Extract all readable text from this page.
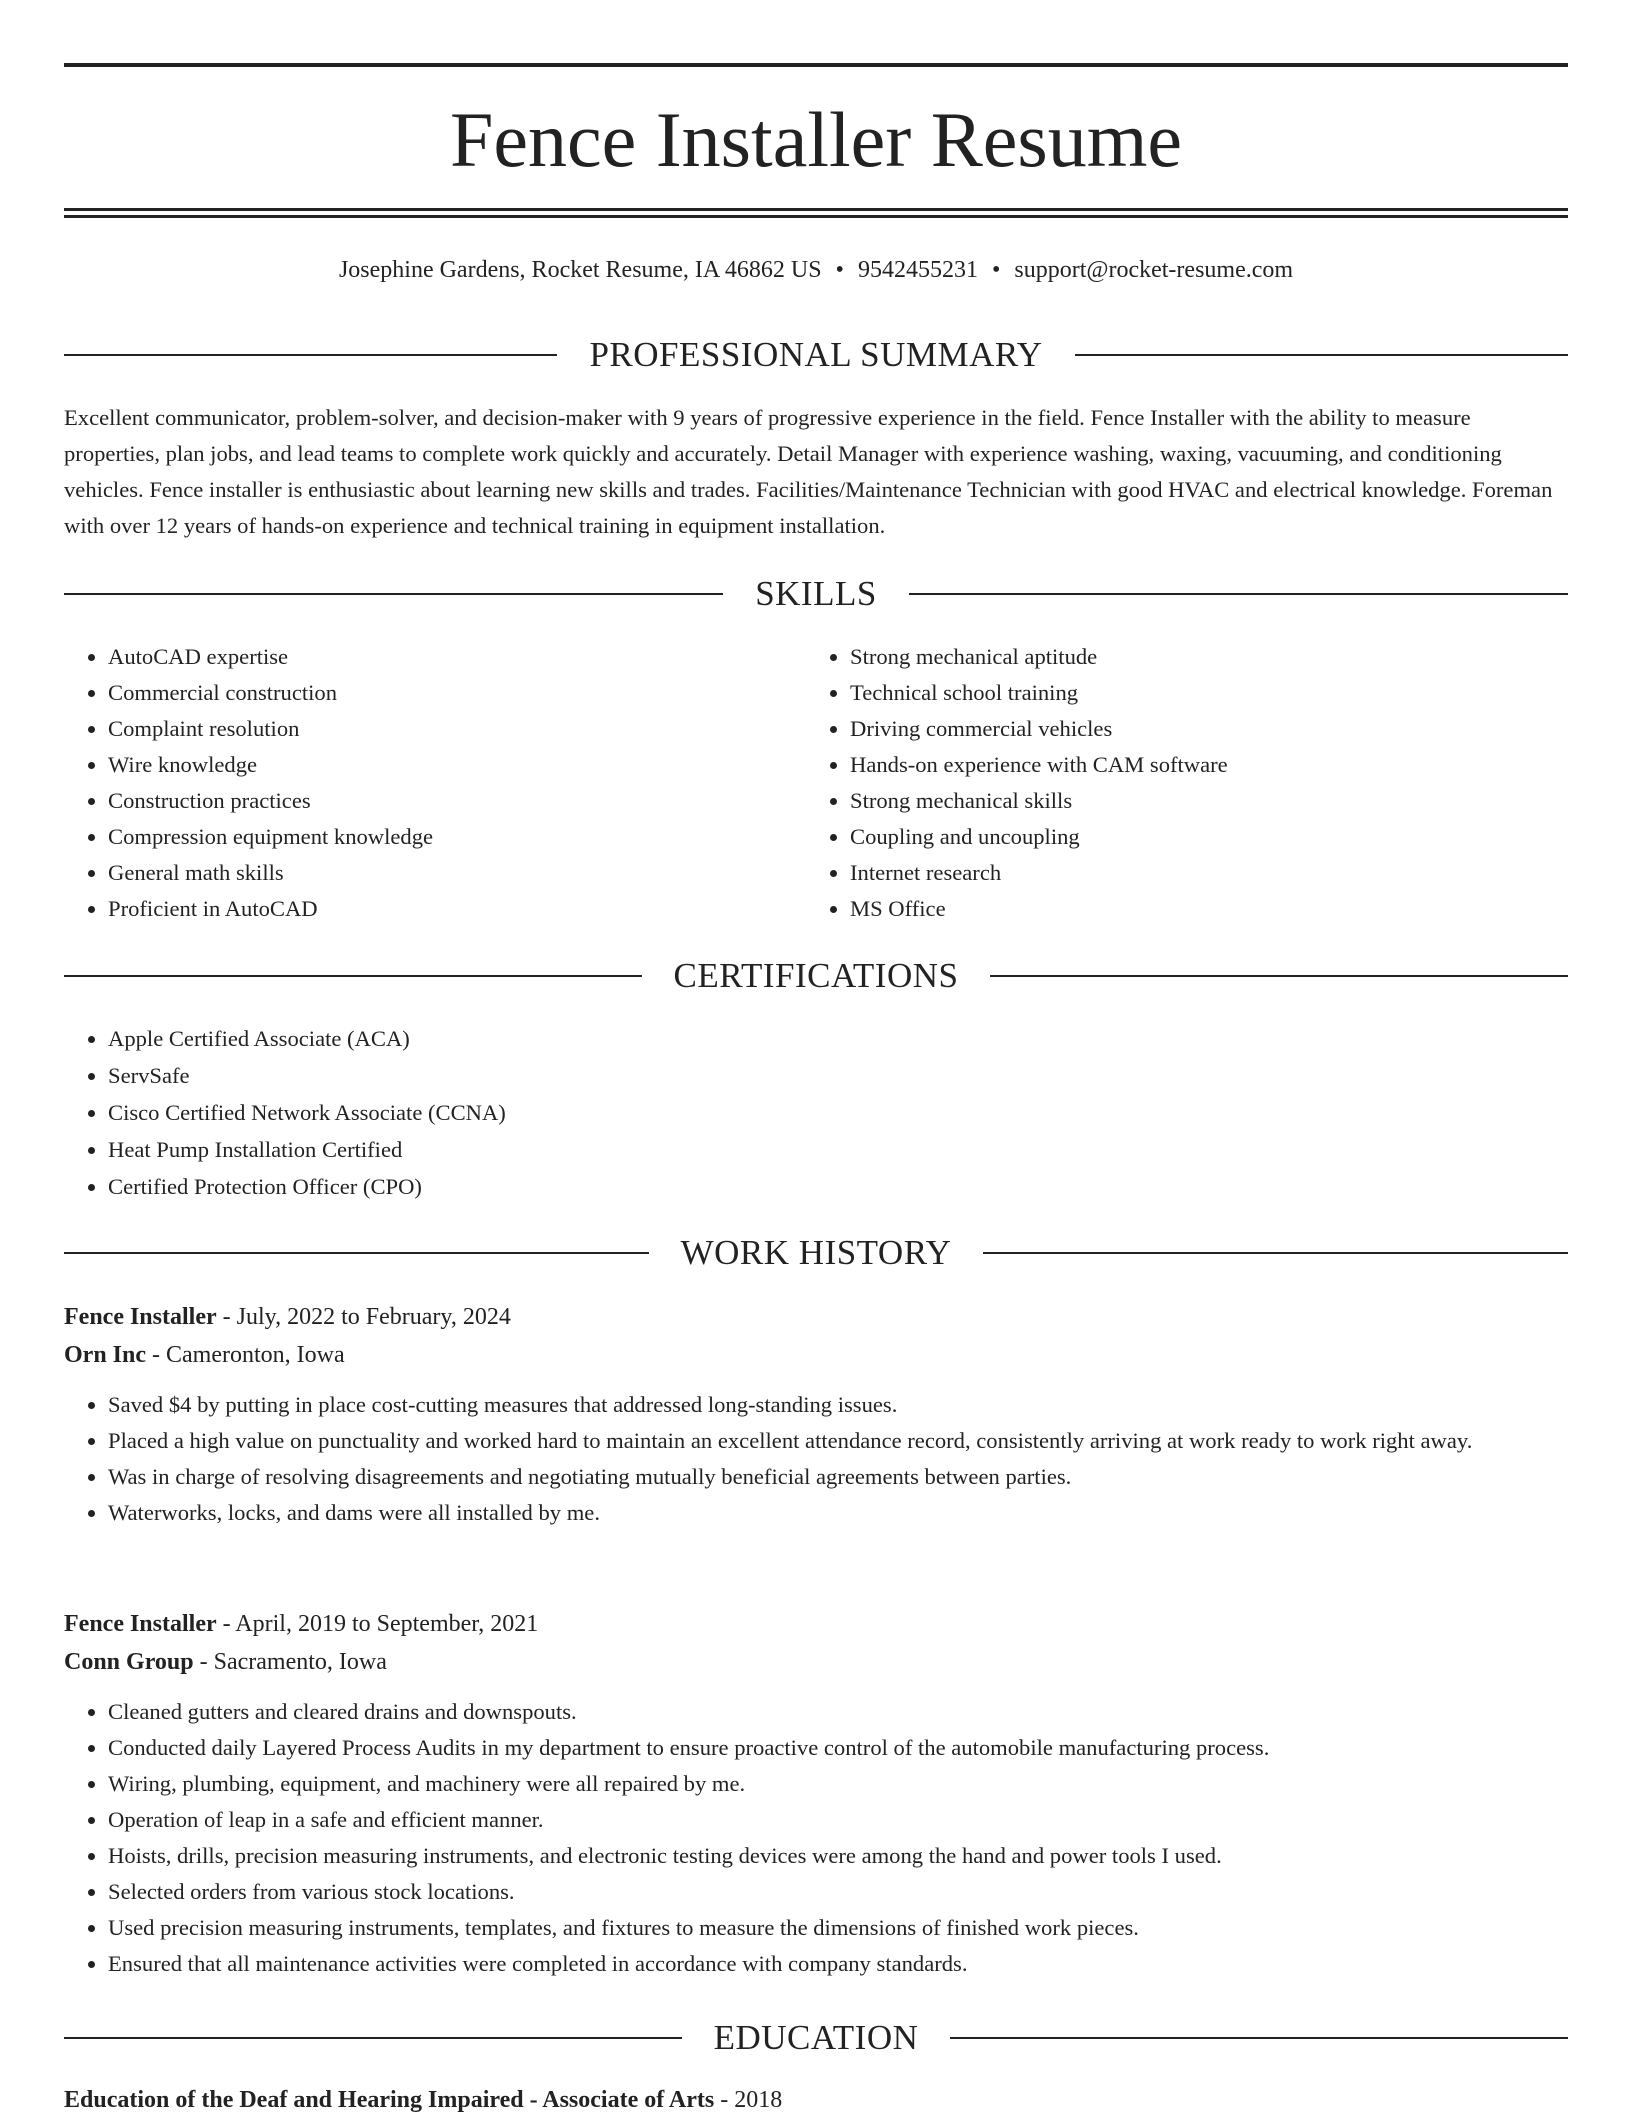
Fence Installer Resume
Josephine Gardens, Rocket Resume, IA 46862 US • 9542455231 • support@rocket-resume.com
PROFESSIONAL SUMMARY

Excellent communicator, problem-solver, and decision-maker with 9 years of progressive experience in the field. Fence Installer with the ability to measure properties, plan jobs, and lead teams to complete work quickly and accurately. Detail Manager with experience washing, waxing, vacuuming, and conditioning vehicles. Fence installer is enthusiastic about learning new skills and trades. Facilities/Maintenance Technician with good HVAC and electrical knowledge. Foreman with over 12 years of hands-on experience and technical training in equipment installation.

SKILLS
• AutoCAD expertise
• Commercial construction
• Complaint resolution
• Wire knowledge
• Construction practices
• Compression equipment knowledge
• General math skills
• Proficient in AutoCAD
• Strong mechanical aptitude
• Technical school training
• Driving commercial vehicles
• Hands-on experience with CAM software
• Strong mechanical skills
• Coupling and uncoupling
• Internet research
• MS Office
CERTIFICATIONS
• Apple Certified Associate (ACA)
• ServSafe
• Cisco Certified Network Associate (CCNA)
• Heat Pump Installation Certified
• Certified Protection Officer (CPO)
WORK HISTORY
Fence Installer - July, 2022 to February, 2024
Orn Inc - Cameronton, Iowa
• Saved $4 by putting in place cost-cutting measures that addressed long-standing issues.
• Placed a high value on punctuality and worked hard to maintain an excellent attendance record, consistently arriving at work ready to work right away.
• Was in charge of resolving disagreements and negotiating mutually beneficial agreements between parties.
• Waterworks, locks, and dams were all installed by me.
Fence Installer - April, 2019 to September, 2021
Conn Group - Sacramento, Iowa
• Cleaned gutters and cleared drains and downspouts.
• Conducted daily Layered Process Audits in my department to ensure proactive control of the automobile manufacturing process.
• Wiring, plumbing, equipment, and machinery were all repaired by me.
• Operation of leap in a safe and efficient manner.
• Hoists, drills, precision measuring instruments, and electronic testing devices were among the hand and power tools I used.
• Selected orders from various stock locations.
• Used precision measuring instruments, templates, and fixtures to measure the dimensions of finished work pieces.
• Ensured that all maintenance activities were completed in accordance with company standards.
EDUCATION
Education of the Deaf and Hearing Impaired - Associate of Arts - 2018
